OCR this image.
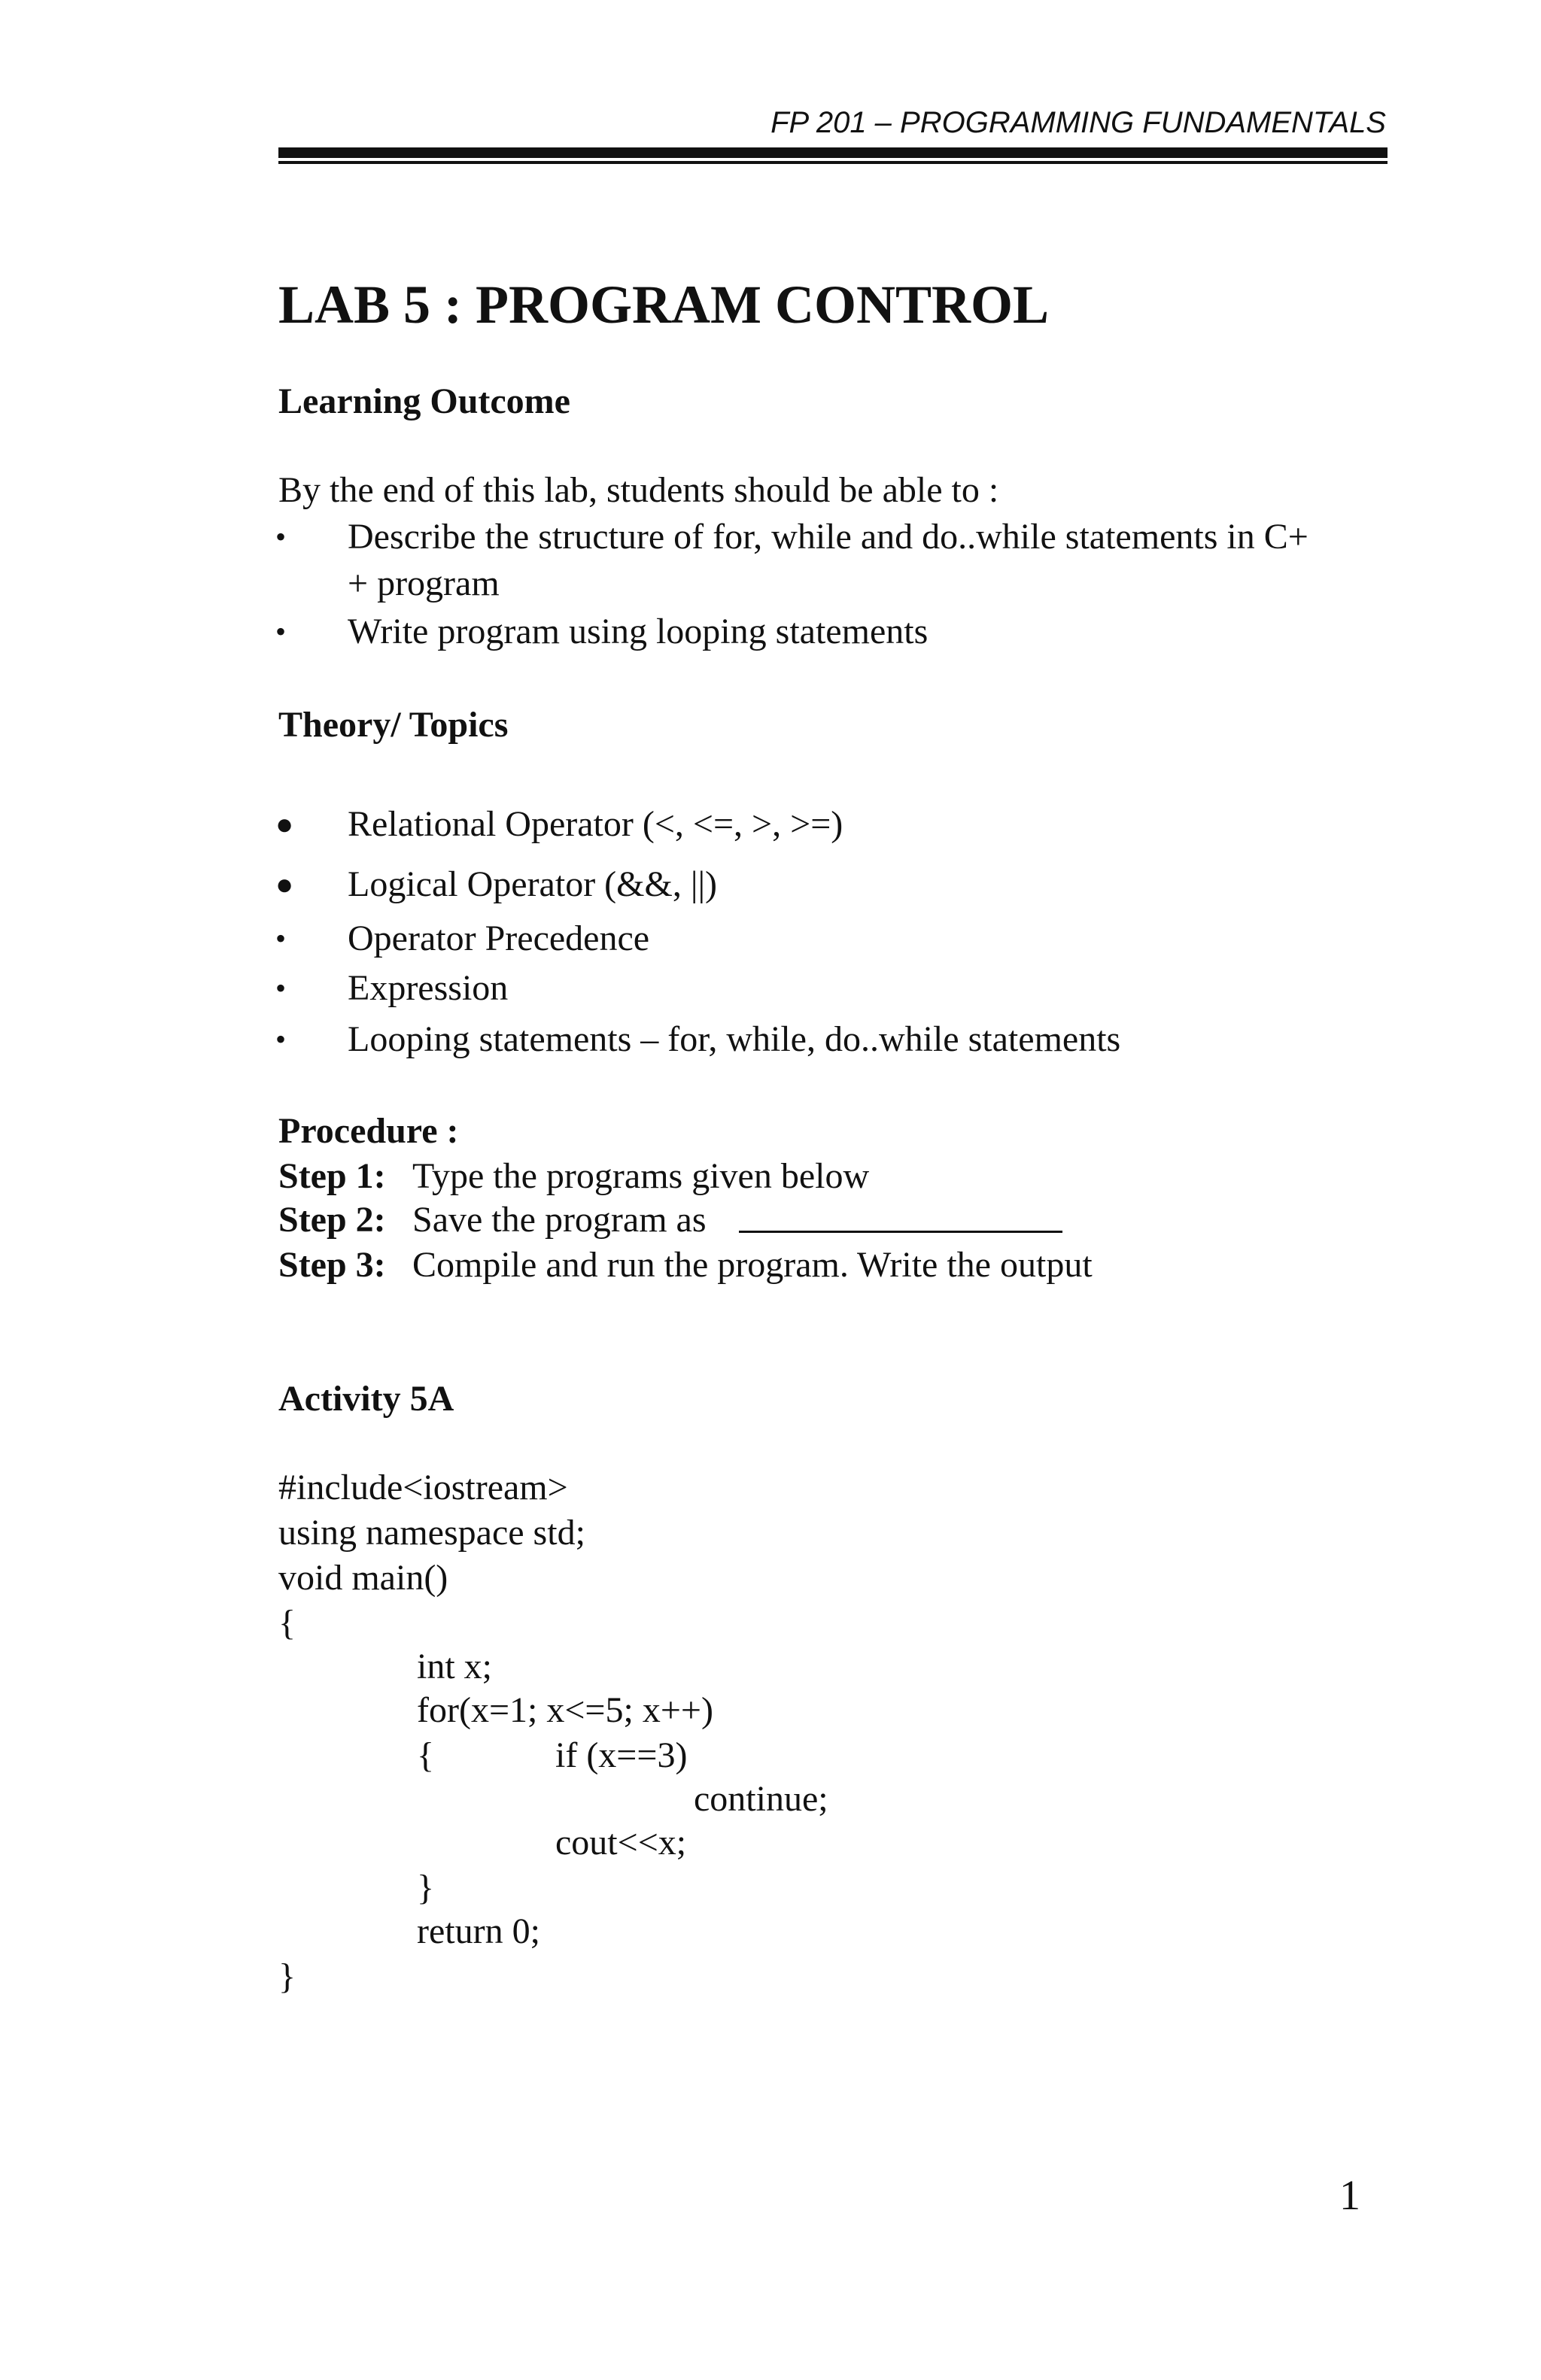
FP 201 – PROGRAMMING FUNDAMENTALS
LAB 5 : PROGRAM CONTROL
Learning Outcome
By the end of this lab, students should be able to :
• Describe the structure of for, while and do..while statements in C+
+ program
• Write program using looping statements
Theory/ Topics
● Relational Operator (<, <=, >, >=)
● Logical Operator (&&, ||)
• Operator Precedence
• Expression
• Looping statements – for, while, do..while statements
Procedure :
Step 1: Type the programs given below
Step 2: Save the program as
Step 3: Compile and run the program. Write the output
Activity 5A
#include<iostream>
using namespace std;
void main()
{
int x;
for(x=1; x<=5; x++)
{	if (x==3)
continue;
cout<<x;
}
return 0;
}
1
